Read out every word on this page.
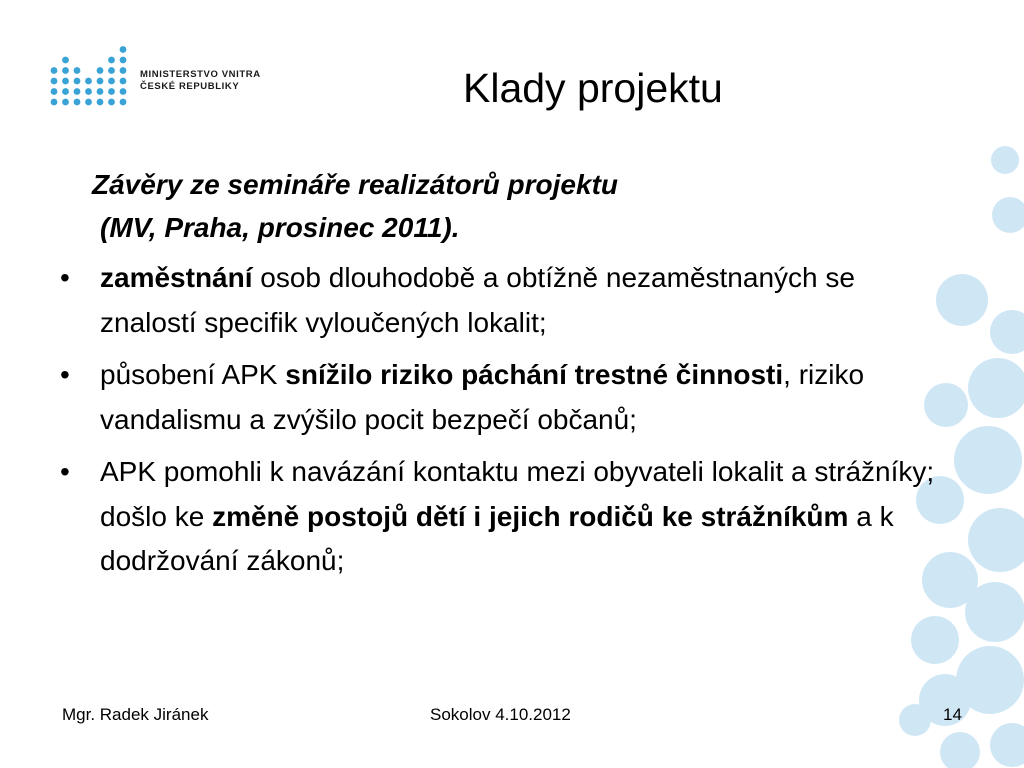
MINISTERSTVO VNITRA
ČESKÉ REPUBLIKY	Klady projektu
Závěry ze semináře realizátorů projektu
(MV, Praha, prosinec 2011).
• zaměstnání osob dlouhodobě a obtížně nezaměstnaných se znalostí specifik vyloučených lokalit;
• působení APK snížilo riziko páchání trestné činnosti, riziko vandalismu a zvýšilo pocit bezpečí občanů;
• APK pomohli k navázání kontaktu mezi obyvateli lokalit a strážníky; došlo ke změně postojů dětí i jejich rodičů ke strážníkům a k dodržování zákonů;
Mgr. Radek Jiránek	Sokolov 4.10.2012	14
